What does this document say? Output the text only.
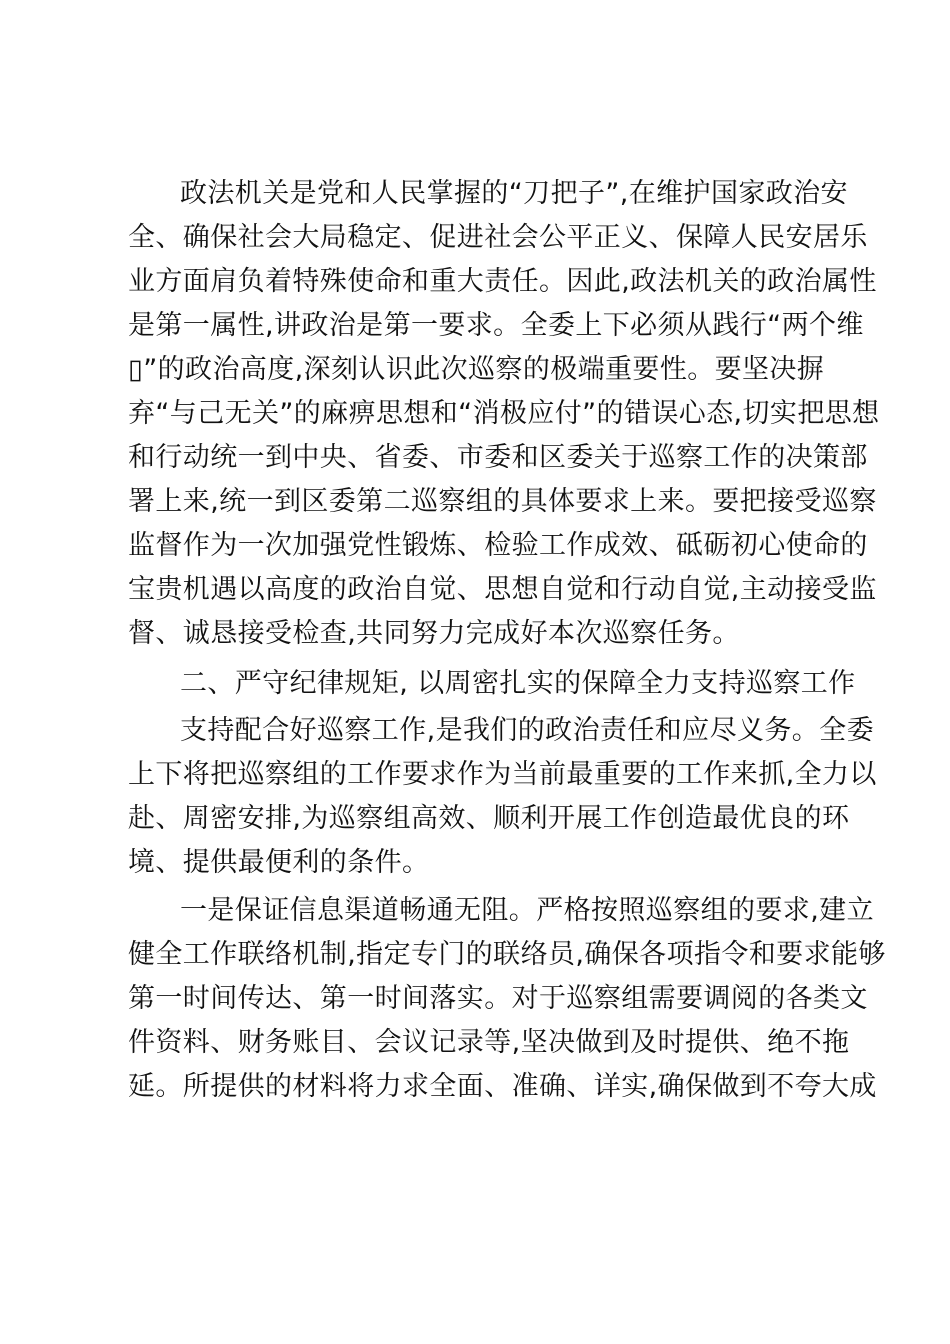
政法机关是党和人民掌握的“刀把子”,在维护国家政治安
全、确保社会大局稳定、促进社会公平正义、保障人民安居乐
业方面肩负着特殊使命和重大责任。因此,政法机关的政治属性
是第一属性,讲政治是第一要求。全委上下必须从践行“两个维
▯”的政治高度,深刻认识此次巡察的极端重要性。要坚决摒
弃“与己无关”的麻痹思想和“消极应付”的错误心态,切实把思想
和行动统一到中央、省委、市委和区委关于巡察工作的决策部
署上来,统一到区委第二巡察组的具体要求上来。要把接受巡察
监督作为一次加强党性锻炼、检验工作成效、砥砺初心使命的
宝贵机遇以高度的政治自觉、思想自觉和行动自觉,主动接受监
督、诚恳接受检查,共同努力完成好本次巡察任务。
二、严守纪律规矩, 以周密扎实的保障全力支持巡察工作
支持配合好巡察工作,是我们的政治责任和应尽义务。全委
上下将把巡察组的工作要求作为当前最重要的工作来抓,全力以
赴、周密安排,为巡察组高效、顺利开展工作创造最优良的环
境、提供最便利的条件。
一是保证信息渠道畅通无阻。严格按照巡察组的要求,建立
健全工作联络机制,指定专门的联络员,确保各项指令和要求能够
第一时间传达、第一时间落实。对于巡察组需要调阅的各类文
件资料、财务账目、会议记录等,坚决做到及时提供、绝不拖
延。所提供的材料将力求全面、准确、详实,确保做到不夸大成
